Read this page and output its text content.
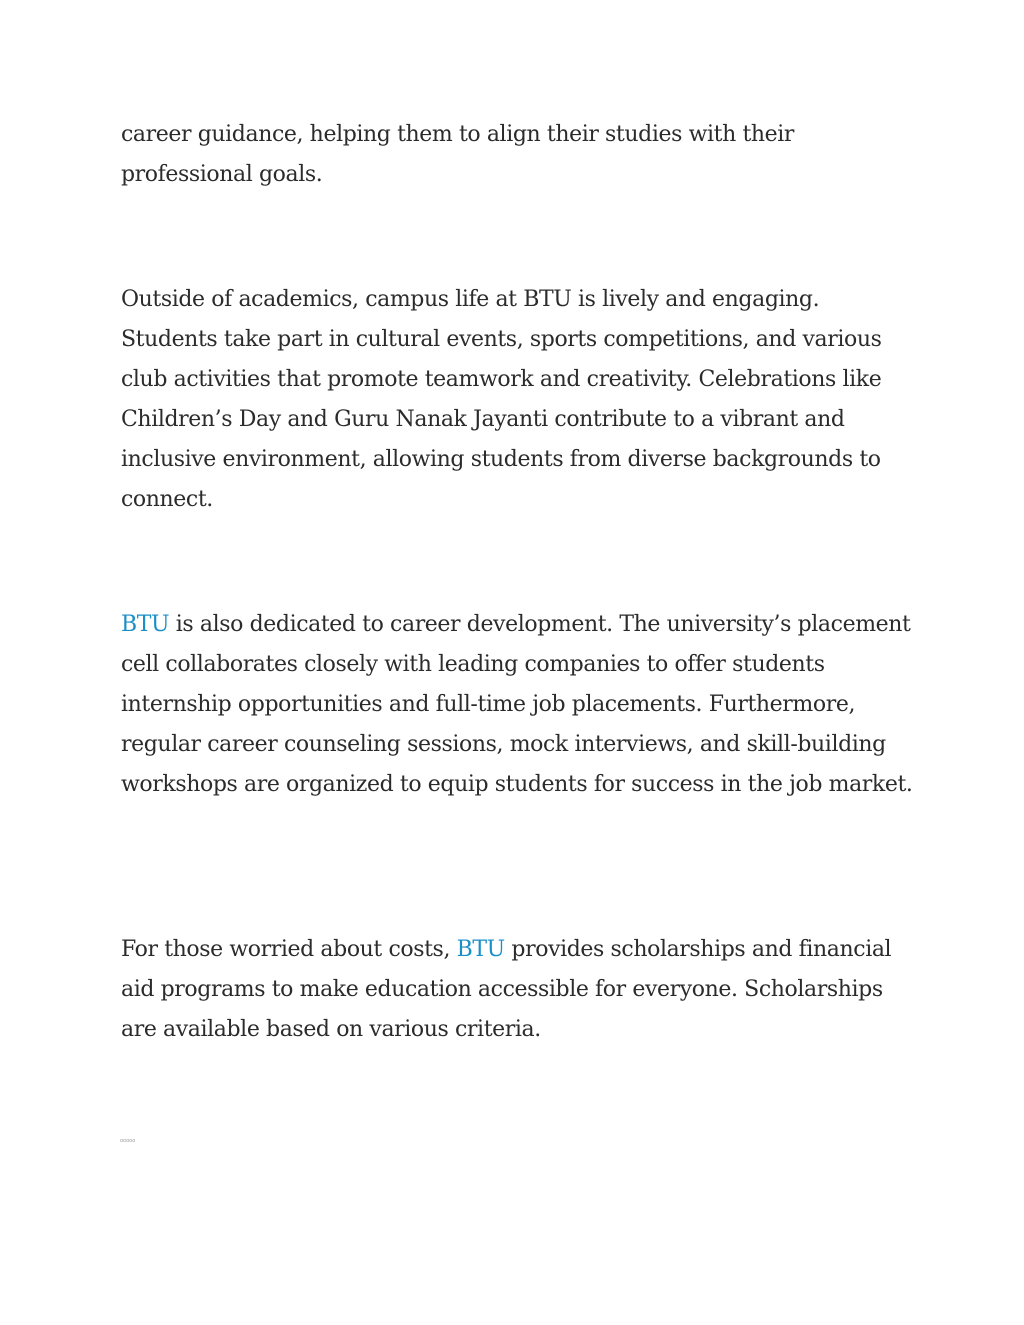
career guidance, helping them to align their studies with their professional goals.

Outside of academics, campus life at BTU is lively and engaging. Students take part in cultural events, sports competitions, and various club activities that promote teamwork and creativity. Celebrations like Children’s Day and Guru Nanak Jayanti contribute to a vibrant and inclusive environment, allowing students from diverse backgrounds to connect.

BTU is also dedicated to career development. The university’s placement cell collaborates closely with leading companies to offer students internship opportunities and full-time job placements. Furthermore, regular career counseling sessions, mock interviews, and skill-building workshops are organized to equip students for success in the job market.

For those worried about costs, BTU provides scholarships and financial aid programs to make education accessible for everyone. Scholarships are available based on various criteria.

ooooo
